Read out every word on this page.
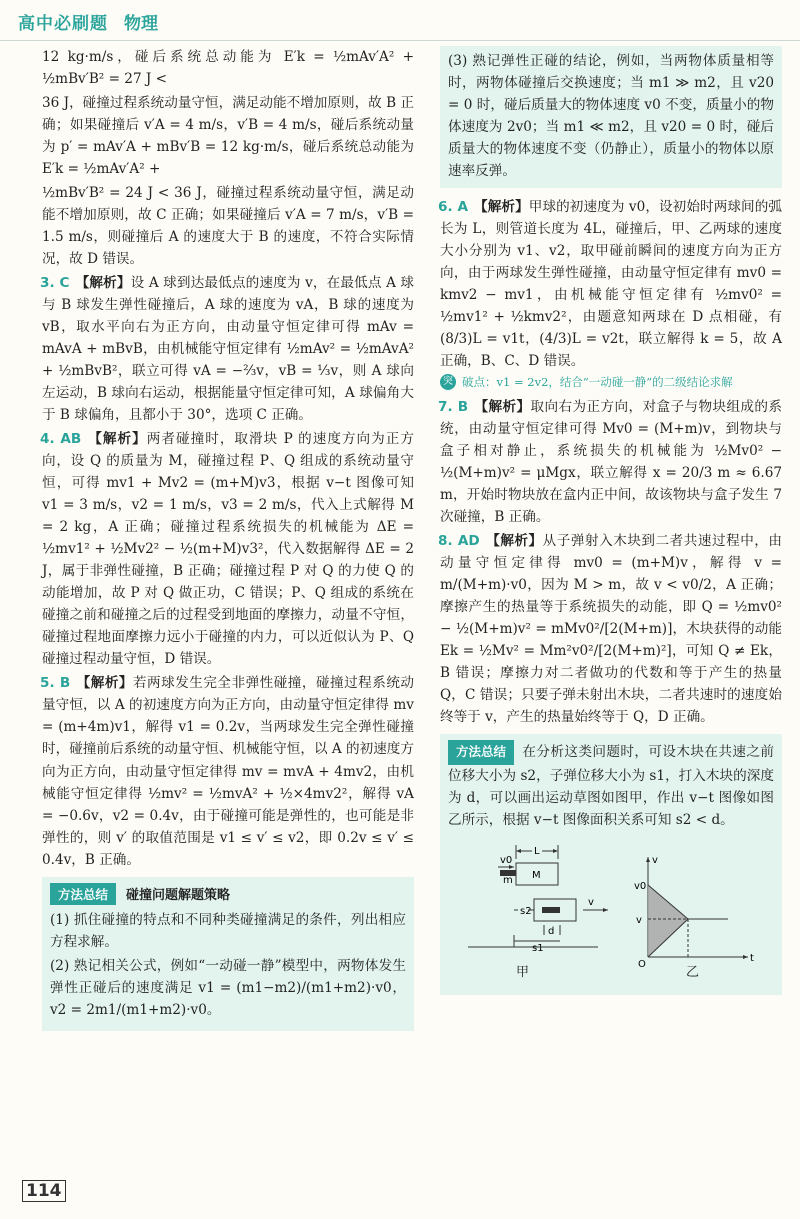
高中必刷题 物理

12 kg·m/s，碰后系统总动能为 E′k = ½mAv′A² + ½mBv′B² = 27 J <

36 J，碰撞过程系统动量守恒，满足动能不增加原则，故 B 正确；如果碰撞后 v′A = 4 m/s，v′B = 4 m/s，碰后系统动量为 p′ = mAv′A + mBv′B = 12 kg·m/s，碰后系统总动能为 E′k = ½mAv′A² +

½mBv′B² = 24 J < 36 J，碰撞过程系统动量守恒，满足动能不增加原则，故 C 正确；如果碰撞后 v′A = 7 m/s，v′B = 1.5 m/s，则碰撞后 A 的速度大于 B 的速度，不符合实际情况，故 D 错误。

3. C 【解析】设 A 球到达最低点的速度为 v，在最低点 A 球与 B 球发生弹性碰撞后，A 球的速度为 vA，B 球的速度为 vB，取水平向右为正方向，由动量守恒定律可得 mAv = mAvA + mBvB，由机械能守恒定律有 ½mAv² = ½mAvA² + ½mBvB²，联立可得 vA = −⅔v，vB = ⅓v，则 A 球向左运动，B 球向右运动，根据能量守恒定律可知，A 球偏角大于 B 球偏角，且都小于 30°，选项 C 正确。

4. AB 【解析】两者碰撞时，取滑块 P 的速度方向为正方向，设 Q 的质量为 M，碰撞过程 P、Q 组成的系统动量守恒，可得 mv1 + Mv2 = (m+M)v3，根据 v−t 图像可知 v1 = 3 m/s，v2 = 1 m/s，v3 = 2 m/s，代入上式解得 M = 2 kg，A 正确；碰撞过程系统损失的机械能为 ΔE = ½mv1² + ½Mv2² − ½(m+M)v3²，代入数据解得 ΔE = 2 J，属于非弹性碰撞，B 正确；碰撞过程 P 对 Q 的力使 Q 的动能增加，故 P 对 Q 做正功，C 错误；P、Q 组成的系统在碰撞之前和碰撞之后的过程受到地面的摩擦力，动量不守恒，碰撞过程地面摩擦力远小于碰撞的内力，可以近似认为 P、Q 碰撞过程动量守恒，D 错误。

5. B 【解析】若两球发生完全非弹性碰撞，碰撞过程系统动量守恒，以 A 的初速度方向为正方向，由动量守恒定律得 mv = (m+4m)v1，解得 v1 = 0.2v，当两球发生完全弹性碰撞时，碰撞前后系统的动量守恒、机械能守恒，以 A 的初速度方向为正方向，由动量守恒定律得 mv = mvA + 4mv2，由机械能守恒定律得 ½mv² = ½mvA² + ½×4mv2²，解得 vA = −0.6v，v2 = 0.4v，由于碰撞可能是弹性的，也可能是非弹性的，则 v′ 的取值范围是 v1 ≤ v′ ≤ v2，即 0.2v ≤ v′ ≤ 0.4v，B 正确。

方法总结	碰撞问题解题策略

(1) 抓住碰撞的特点和不同种类碰撞满足的条件，列出相应方程求解。

(2) 熟记相关公式，例如“一动碰一静”模型中，两物体发生弹性正碰后的速度满足 v1 = (m1−m2)/(m1+m2)·v0，v2 = 2m1/(m1+m2)·v0。

(3) 熟记弹性正碰的结论，例如，当两物体质量相等时，两物体碰撞后交换速度；当 m1 ≫ m2，且 v20 = 0 时，碰后质量大的物体速度 v0 不变，质量小的物体速度为 2v0；当 m1 ≪ m2，且 v20 = 0 时，碰后质量大的物体速度不变（仍静止），质量小的物体以原速率反弹。

6. A 【解析】甲球的初速度为 v0，设初始时两球间的弧长为 L，则管道长度为 4L，碰撞后，甲、乙两球的速度大小分别为 v1、v2，取甲碰前瞬间的速度方向为正方向，由于两球发生弹性碰撞，由动量守恒定律有 mv0 = kmv2 − mv1，由机械能守恒定律有 ½mv0² = ½mv1² + ½kmv2²，由题意知两球在 D 点相碰，有 (8/3)L = v1t，(4/3)L = v2t，联立解得 k = 5，故 A 正确，B、C、D 错误。

突 破点：v1 = 2v2，结合“一动碰一静”的二级结论求解

7. B 【解析】取向右为正方向，对盒子与物块组成的系统，由动量守恒定律可得 Mv0 = (M+m)v，到物块与盒子相对静止，系统损失的机械能为 ½Mv0² − ½(M+m)v² = μMgx，联立解得 x = 20/3 m ≈ 6.67 m，开始时物块放在盒内正中间，故该物块与盒子发生 7 次碰撞，B 正确。

8. AD 【解析】从子弹射入木块到二者共速过程中，由动量守恒定律得 mv0 = (m+M)v，解得 v = m/(M+m)·v0，因为 M > m，故 v < v0/2，A 正确；摩擦产生的热量等于系统损失的动能，即 Q = ½mv0² − ½(M+m)v² = mMv0²/[2(M+m)]，木块获得的动能 Ek = ½Mv² = Mm²v0²/[2(M+m)²]，可知 Q ≠ Ek，B 错误；摩擦力对二者做功的代数和等于产生的热量 Q，C 错误；只要子弹未射出木块，二者共速时的速度始终等于 v，产生的热量始终等于 Q，D 正确。

方法总结 在分析这类问题时，可设木块在共速之前位移大小为 s2，子弹位移大小为 s1，打入木块的深度为 d，可以画出运动草图如图甲，作出 v−t 图像如图乙所示，根据 v−t 图像面积关系可知 s2 < d。

L
v0
m M
s2
v
d
s1
v
t
O
v0
v
甲	乙
114
